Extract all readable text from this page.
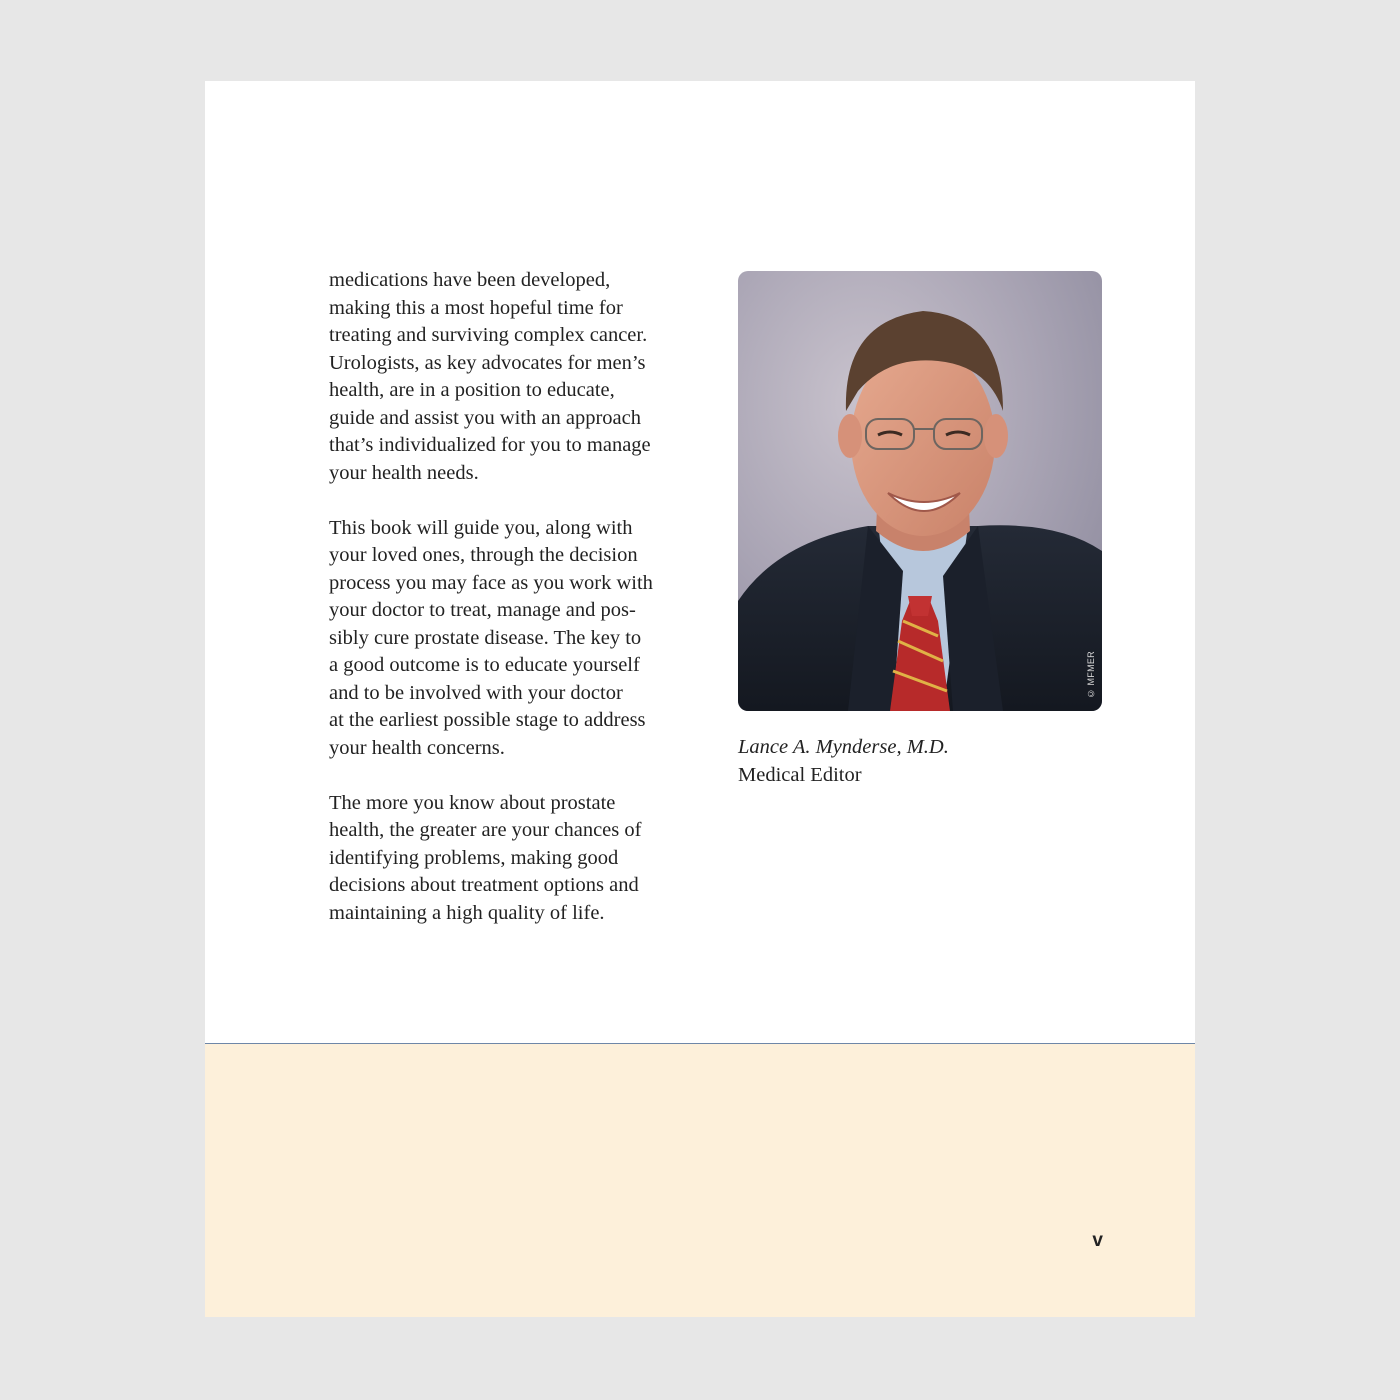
medications have been developed,
making this a most hopeful time for
treating and surviving complex cancer.
Urologists, as key advocates for men’s
health, are in a position to educate,
guide and assist you with an approach
that’s individualized for you to manage
your health needs.

This book will guide you, along with
your loved ones, through the decision
process you may face as you work with
your doctor to treat, manage and pos-
sibly cure prostate disease. The key to
a good outcome is to educate yourself
and to be involved with your doctor
at the earliest possible stage to address
your health concerns.

The more you know about prostate
health, the greater are your chances of
identifying problems, making good
decisions about treatment options and
maintaining a high quality of life.

© MFMER
Lance A. Mynderse, M.D.
Medical Editor
v
